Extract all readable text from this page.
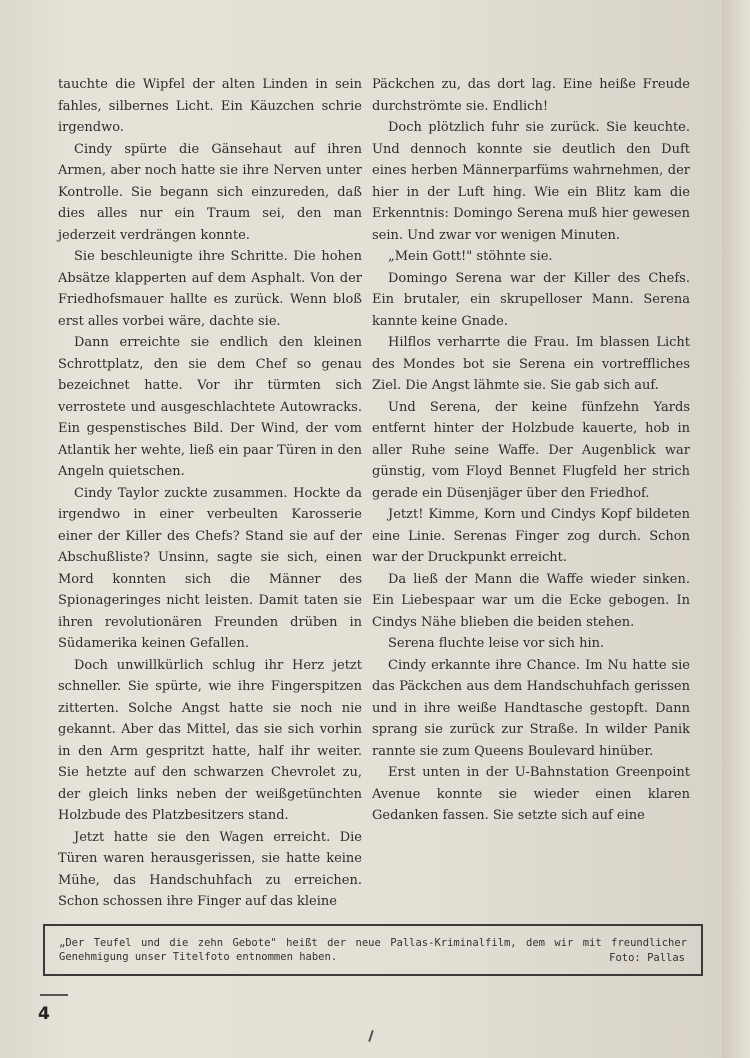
tauchte die Wipfel der alten Linden in sein fahles, silbernes Licht. Ein Käuzchen schrie irgendwo.

Cindy spürte die Gänsehaut auf ihren Armen, aber noch hatte sie ihre Nerven unter Kontrolle. Sie begann sich einzureden, daß dies alles nur ein Traum sei, den man jederzeit verdrängen konnte.

Sie beschleunigte ihre Schritte. Die hohen Absätze klapperten auf dem Asphalt. Von der Friedhofsmauer hallte es zurück. Wenn bloß erst alles vorbei wäre, dachte sie.

Dann erreichte sie endlich den kleinen Schrottplatz, den sie dem Chef so genau bezeichnet hatte. Vor ihr türmten sich verrostete und ausgeschlachtete Autowracks. Ein gespenstisches Bild. Der Wind, der vom Atlantik her wehte, ließ ein paar Türen in den Angeln quietschen.

Cindy Taylor zuckte zusammen. Hockte da irgendwo in einer verbeulten Karosserie einer der Killer des Chefs? Stand sie auf der Abschußliste? Unsinn, sagte sie sich, einen Mord konnten sich die Männer des Spionageringes nicht leisten. Damit taten sie ihren revolutionären Freunden drüben in Südamerika keinen Gefallen.

Doch unwillkürlich schlug ihr Herz jetzt schneller. Sie spürte, wie ihre Fingerspitzen zitterten. Solche Angst hatte sie noch nie gekannt. Aber das Mittel, das sie sich vorhin in den Arm gespritzt hatte, half ihr weiter. Sie hetzte auf den schwarzen Chevrolet zu, der gleich links neben der weißgetünchten Holzbude des Platzbesitzers stand.

Jetzt hatte sie den Wagen erreicht. Die Türen waren herausgerissen, sie hatte keine Mühe, das Handschuhfach zu erreichen. Schon schossen ihre Finger auf das kleine

Päckchen zu, das dort lag. Eine heiße Freude durchströmte sie. Endlich!

Doch plötzlich fuhr sie zurück. Sie keuchte. Und dennoch konnte sie deutlich den Duft eines herben Männerparfüms wahrnehmen, der hier in der Luft hing. Wie ein Blitz kam die Erkenntnis: Domingo Serena muß hier gewesen sein. Und zwar vor wenigen Minuten.

„Mein Gott!" stöhnte sie.

Domingo Serena war der Killer des Chefs. Ein brutaler, ein skrupelloser Mann. Serena kannte keine Gnade.

Hilflos verharrte die Frau. Im blassen Licht des Mondes bot sie Serena ein vortreffliches Ziel. Die Angst lähmte sie. Sie gab sich auf.

Und Serena, der keine fünfzehn Yards entfernt hinter der Holzbude kauerte, hob in aller Ruhe seine Waffe. Der Augenblick war günstig, vom Floyd Bennet Flugfeld her strich gerade ein Düsenjäger über den Friedhof.

Jetzt! Kimme, Korn und Cindys Kopf bildeten eine Linie. Serenas Finger zog durch. Schon war der Druckpunkt erreicht.

Da ließ der Mann die Waffe wieder sinken. Ein Liebespaar war um die Ecke gebogen. In Cindys Nähe blieben die beiden stehen.

Serena fluchte leise vor sich hin.

Cindy erkannte ihre Chance. Im Nu hatte sie das Päckchen aus dem Handschuhfach gerissen und in ihre weiße Handtasche gestopft. Dann sprang sie zurück zur Straße. In wilder Panik rannte sie zum Queens Boulevard hinüber.

Erst unten in der U-Bahnstation Greenpoint Avenue konnte sie wieder einen klaren Gedanken fassen. Sie setzte sich auf eine

„Der Teufel und die zehn Gebote" heißt der neue Pallas-Kriminalfilm, dem wir mit freundlicher Genehmigung unser Titelfoto entnommen haben.	Foto: Pallas
4
